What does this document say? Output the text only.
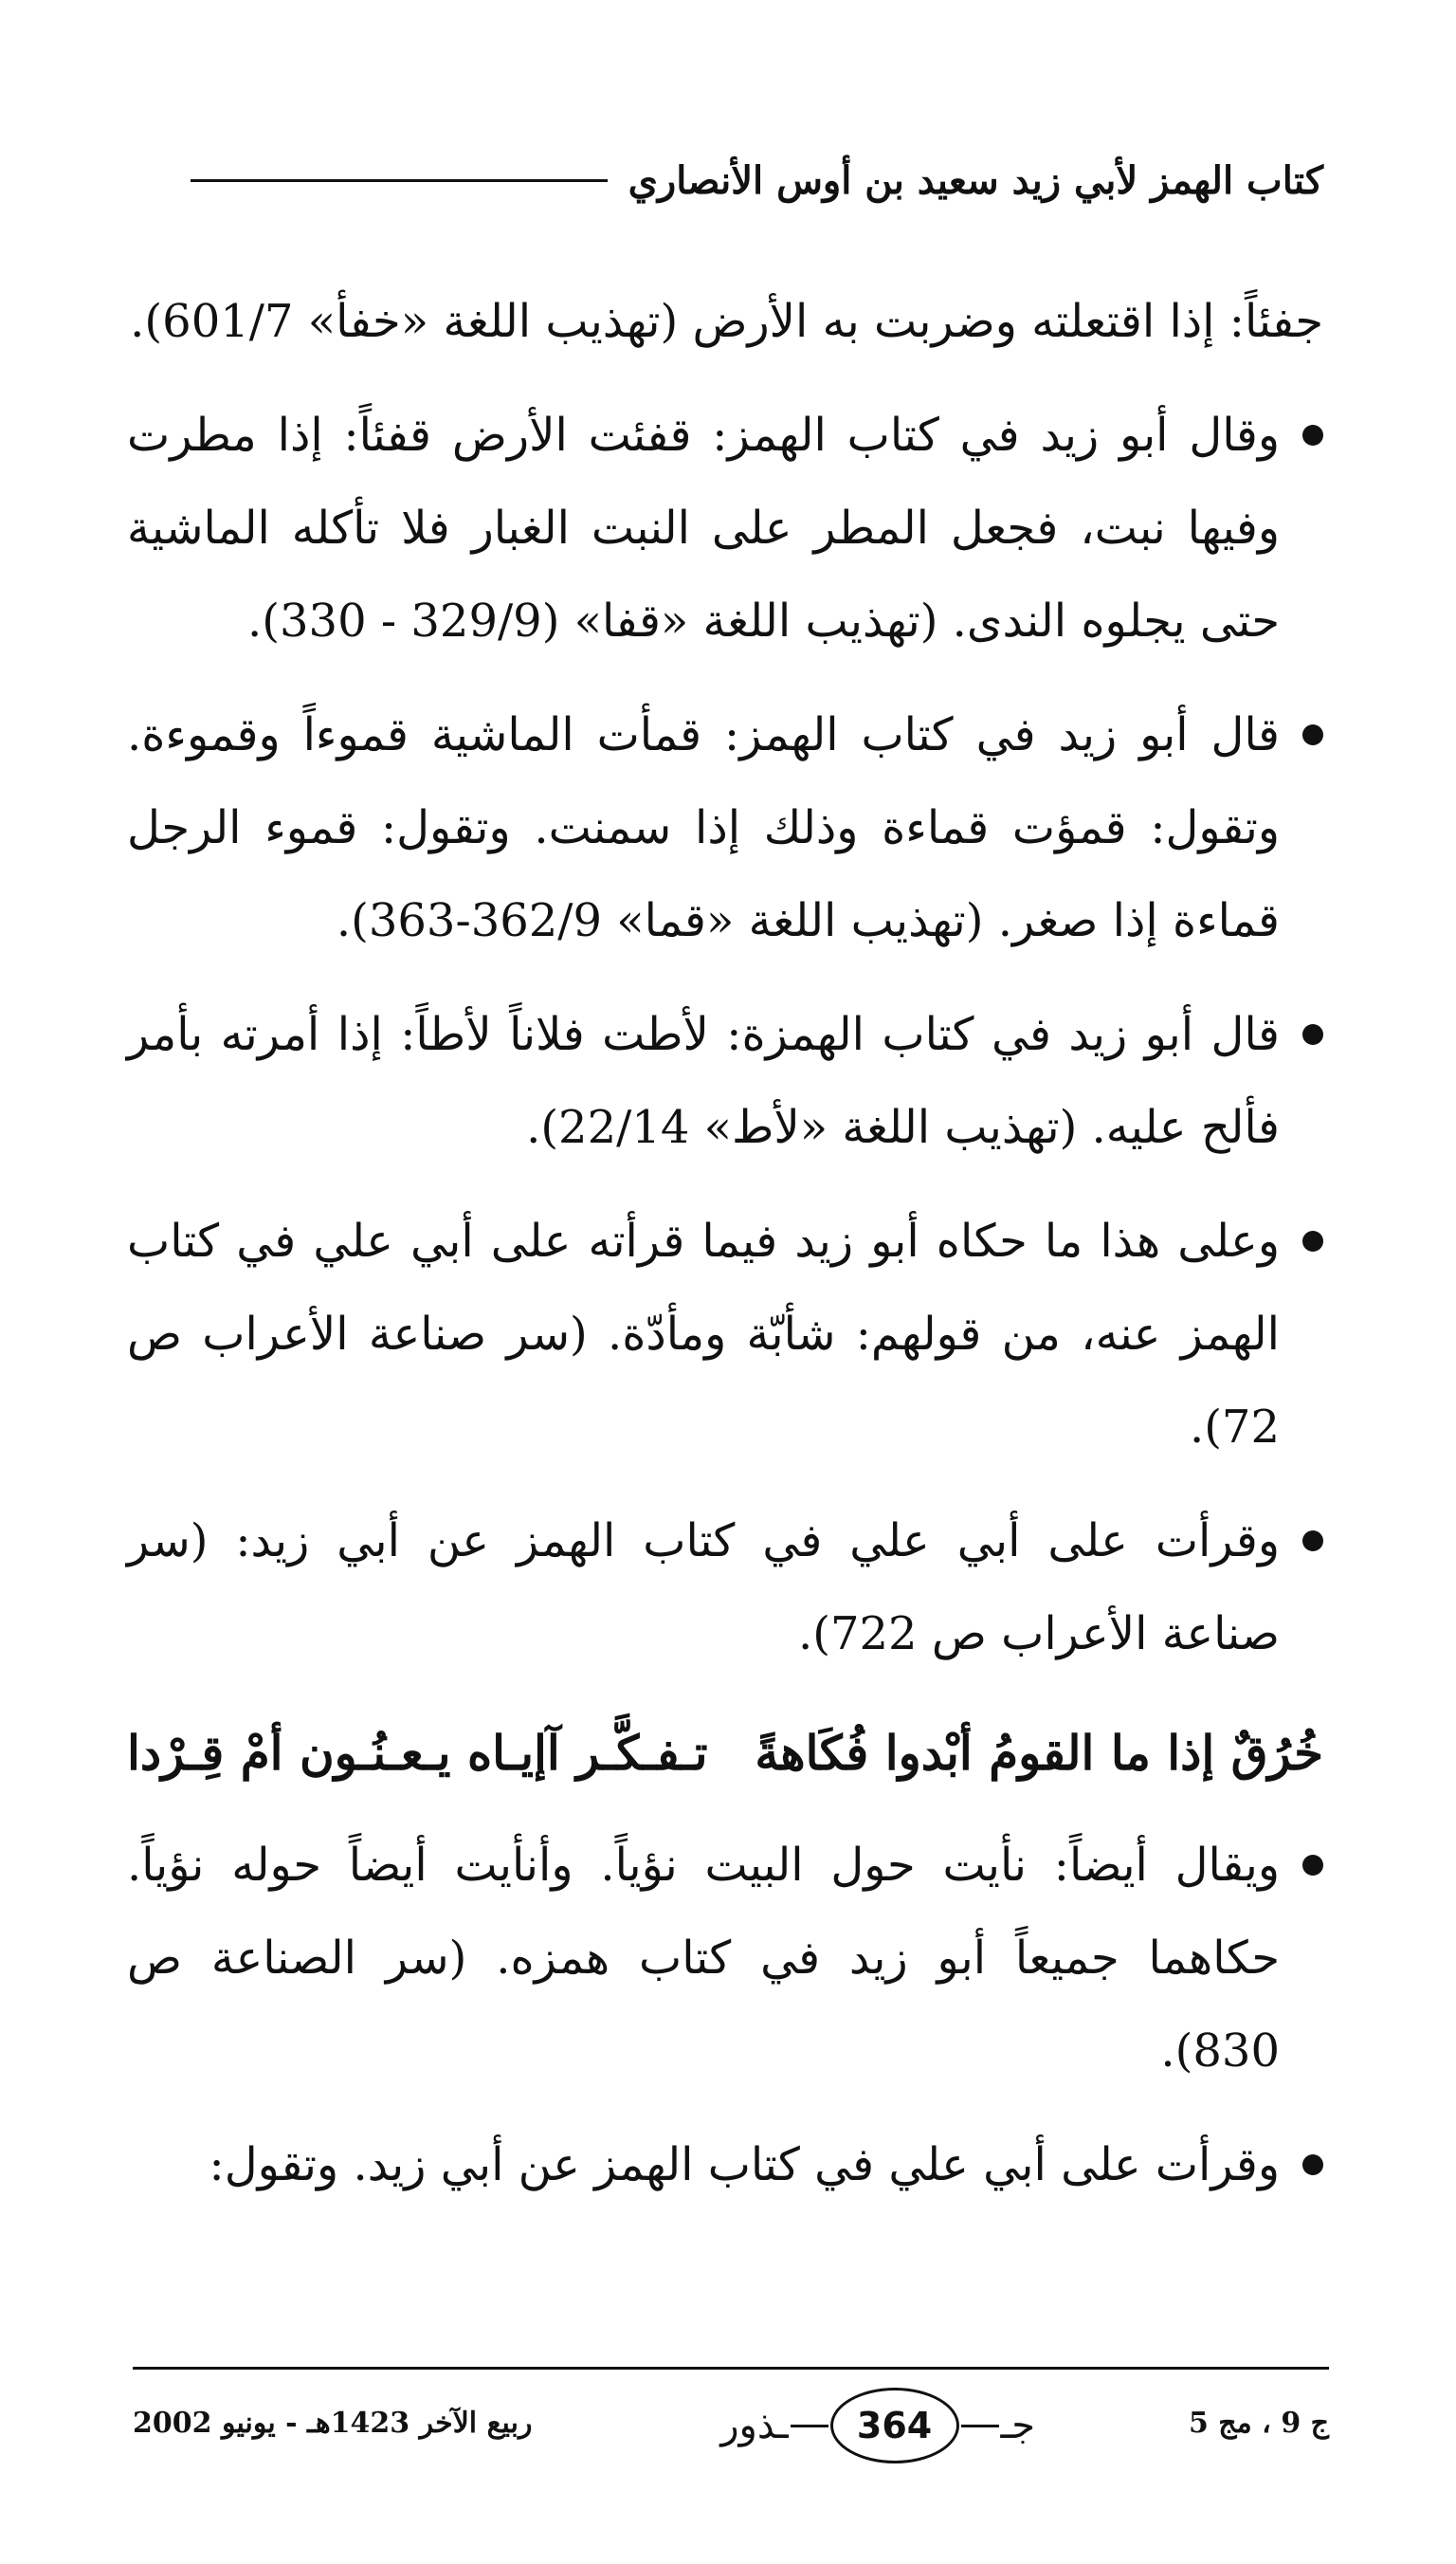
كتاب الهمز لأبي زيد سعيد بن أوس الأنصاري

جفئاً: إذا اقتعلته وضربت به الأرض (تهذيب اللغة «خفأ» 601/7).

وقال أبو زيد في كتاب الهمز: قفئت الأرض قفئاً: إذا مطرت وفيها نبت، فجعل المطر على النبت الغبار فلا تأكله الماشية حتى يجلوه الندى. (تهذيب اللغة «قفا» (329/9 - 330).
قال أبو زيد في كتاب الهمز: قمأت الماشية قموءاً وقموءة. وتقول: قمؤت قماءة وذلك إذا سمنت. وتقول: قموء الرجل قماءة إذا صغر. (تهذيب اللغة «قما» 362/9-363).
قال أبو زيد في كتاب الهمزة: لأطت فلاناً لأطاً: إذا أمرته بأمر فألح عليه. (تهذيب اللغة «لأط» 22/14).
وعلى هذا ما حكاه أبو زيد فيما قرأته على أبي علي في كتاب الهمز عنه، من قولهم: شأبّة ومأدّة. (سر صناعة الأعراب ص 72).
وقرأت على أبي علي في كتاب الهمز عن أبي زيد: (سر صناعة الأعراب ص 722).
خُرُقٌ إذا ما القومُ أبْدوا فُكَاهةً
تـفـكَّـر آإيـاه يـعـنُـون أمْ قِـرْدا
ويقال أيضاً: نأيت حول البيت نؤياً. وأنأيت أيضاً حوله نؤياً. حكاهما جميعاً أبو زيد في كتاب همزه. (سر الصناعة ص 830).
وقرأت على أبي علي في كتاب الهمز عن أبي زيد. وتقول:
ج 9 ، مج 5
جـ
364
ـذور
ربيع الآخر 1423هـ - يونيو 2002
